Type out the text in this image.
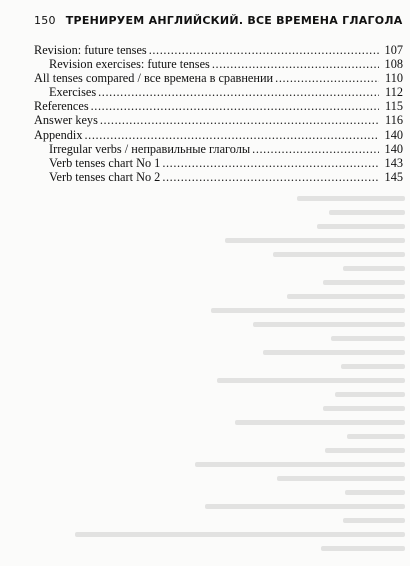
150 ТРЕНИРУЕМ АНГЛИЙСКИЙ. ВСЕ ВРЕМЕНА ГЛАГОЛА
Revision: future tenses .....	107
Revision exercises: future tenses .....	108
All tenses compared / все времена в сравнении .....	110
Exercises .....	112
References .....	115
Answer keys .....	116
Appendix .....	140
Irregular verbs / неправильные глаголы .....	140
Verb tenses chart No 1 .....	143
Verb tenses chart No 2 .....	145
